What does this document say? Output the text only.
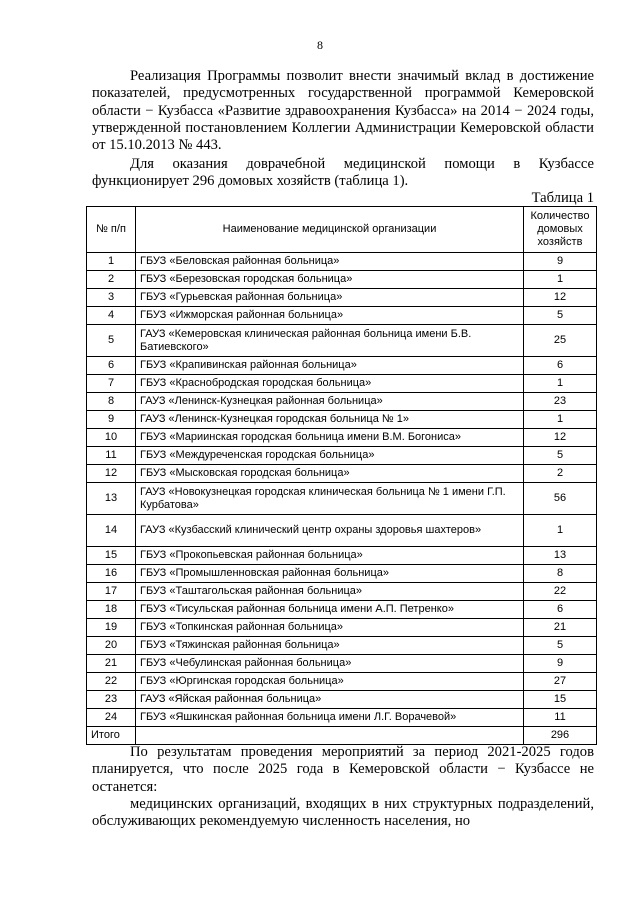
8

Реализация Программы позволит внести значимый вклад в достижение показателей, предусмотренных государственной программой Кемеровской области − Кузбасса «Развитие здравоохранения Кузбасса» на 2014 − 2024 годы, утвержденной постановлением Коллегии Администрации Кемеровской области от 15.10.2013 № 443.

Для оказания доврачебной медицинской помощи в Кузбассе функционирует 296 домовых хозяйств (таблица 1).

Таблица 1
№ п/п	Наименование медицинской организации	Количество домовых хозяйств
1	ГБУЗ «Беловская районная больница»	9
2	ГБУЗ «Березовская городская больница»	1
3	ГБУЗ «Гурьевская районная больница»	12
4	ГБУЗ «Ижморская районная больница»	5
5	ГАУЗ «Кемеровская клиническая районная больница имени Б.В. Батиевского»	25
6	ГБУЗ «Крапивинская районная больница»	6
7	ГБУЗ «Краснобродская городская больница»	1
8	ГАУЗ «Ленинск-Кузнецкая районная больница»	23
9	ГАУЗ «Ленинск-Кузнецкая городская больница № 1»	1
10	ГБУЗ «Мариинская городская больница имени В.М. Богониса»	12
11	ГБУЗ «Междуреченская городская больница»	5
12	ГБУЗ «Мысковская городская больница»	2
13	ГАУЗ «Новокузнецкая городская клиническая больница № 1 имени Г.П. Курбатова»	56
14	ГАУЗ «Кузбасский клинический центр охраны здоровья шахтеров»	1
15	ГБУЗ «Прокопьевская районная больница»	13
16	ГБУЗ «Промышленновская районная больница»	8
17	ГБУЗ «Таштагольская районная больница»	22
18	ГБУЗ «Тисульская районная больница имени А.П. Петренко»	6
19	ГБУЗ «Топкинская районная больница»	21
20	ГБУЗ «Тяжинская районная больница»	5
21	ГБУЗ «Чебулинская районная больница»	9
22	ГБУЗ «Юргинская городская больница»	27
23	ГАУЗ «Яйская районная больница»	15
24	ГБУЗ «Яшкинская районная больница имени Л.Г. Ворачевой»	11
Итого		296

По результатам проведения мероприятий за период 2021-2025 годов планируется, что после 2025 года в Кемеровской области − Кузбассе не останется:

медицинских организаций, входящих в них структурных подразделений, обслуживающих рекомендуемую численность населения, но
